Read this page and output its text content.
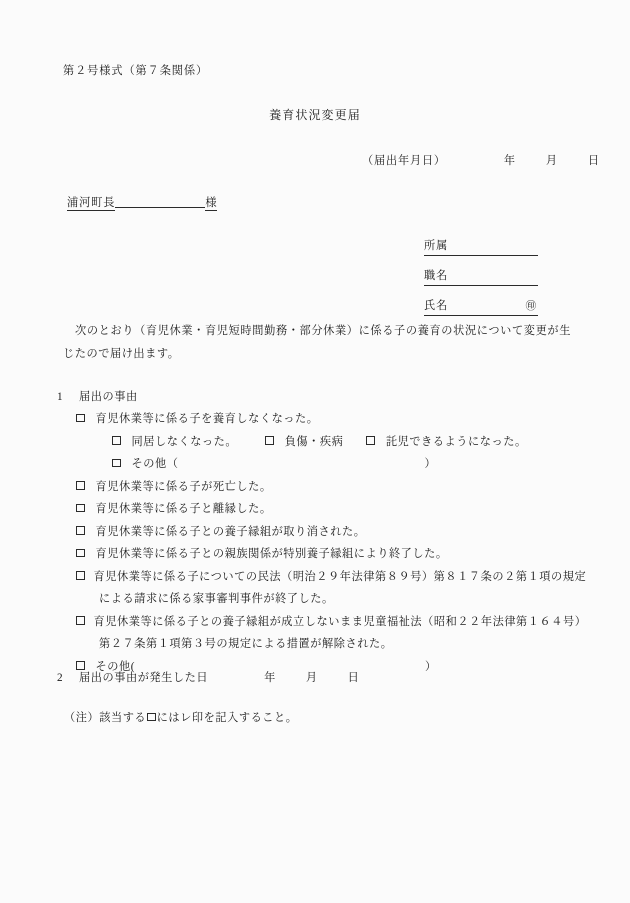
第２号様式（第７条関係）
養育状況変更届
（届出年月日）	年	月	日
浦河町長	様
所属
職名
氏名	㊞
次のとおり（育児休業・育児短時間勤務・部分休業）に係る子の養育の状況について変更が生じたので届け出ます。
1 届出の事由
育児休業等に係る子を養育しなくなった。
同居しなくなった。	負傷・疾病	託児できるようになった。
その他（	）
育児休業等に係る子が死亡した。
育児休業等に係る子と離縁した。
育児休業等に係る子との養子縁組が取り消された。
育児休業等に係る子との親族関係が特別養子縁組により終了した。
育児休業等に係る子についての民法（明治２９年法律第８９号）第８１７条の２第１項の規定
による請求に係る家事審判事件が終了した。
育児休業等に係る子との養子縁組が成立しないまま児童福祉法（昭和２２年法律第１６４号）
第２７条第１項第３号の規定による措置が解除された。
その他(	）
2 届出の事由が発生した日	年	月	日
（注）該当する にはレ印を記入すること。
